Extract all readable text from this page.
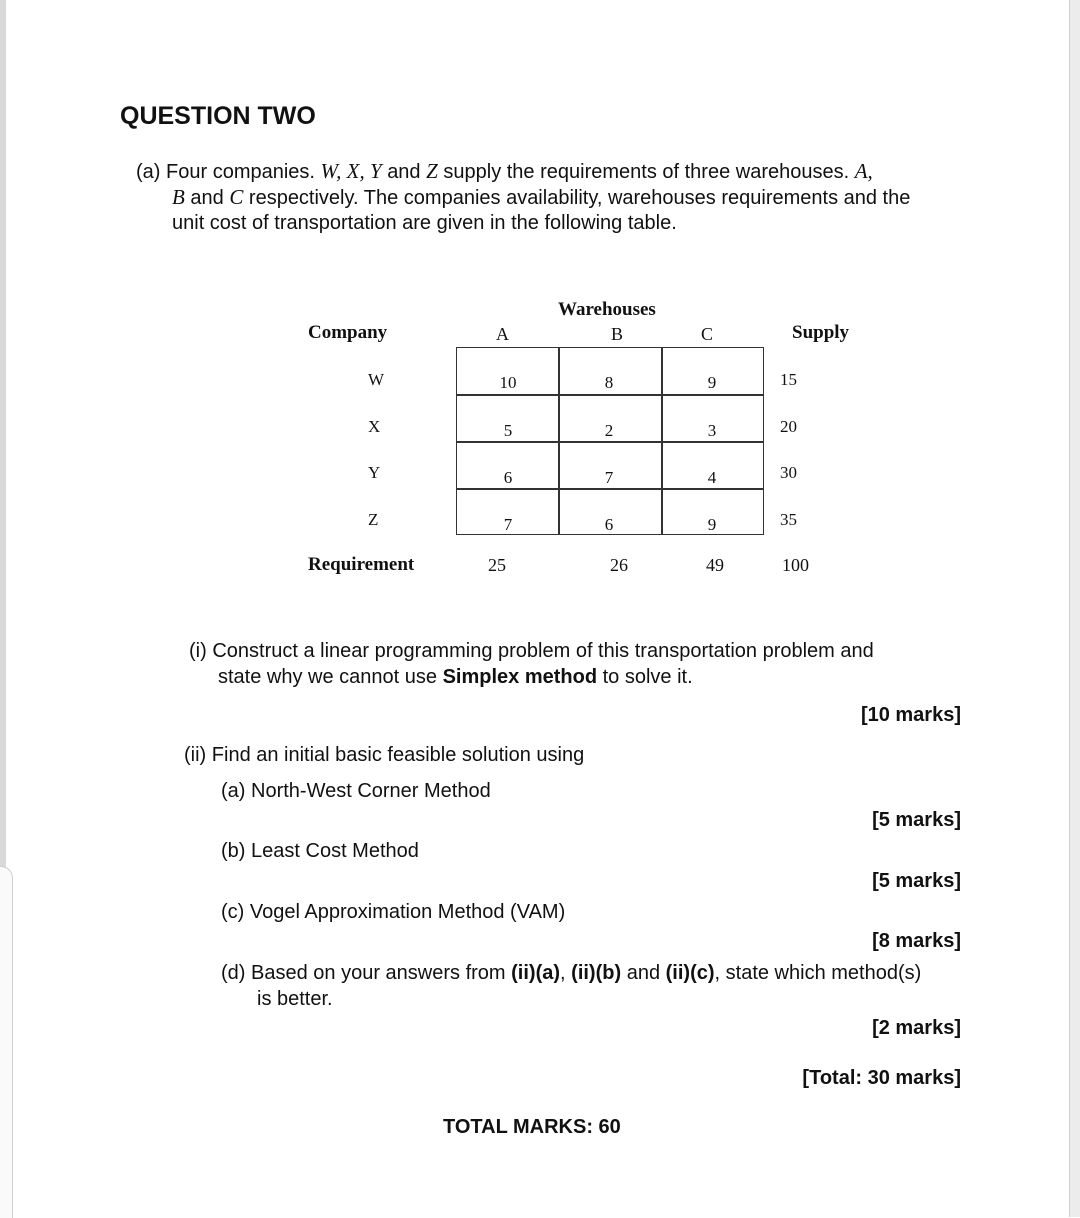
QUESTION TWO
(a) Four companies. W, X, Y and Z supply the requirements of three warehouses. A,
B and C respectively. The companies availability, warehouses requirements and the
unit cost of transportation are given in the following table.
Warehouses
Company	A	B	C	Supply
W	10	8	9	15
X	5	2	3	20
Y	6	7	4	30
Z	7	6	9	35
Requirement	25	26	49	100
(i) Construct a linear programming problem of this transportation problem and
state why we cannot use Simplex method to solve it.
[10 marks]
(ii) Find an initial basic feasible solution using
(a) North-West Corner Method
[5 marks]
(b) Least Cost Method
[5 marks]
(c) Vogel Approximation Method (VAM)
[8 marks]
(d) Based on your answers from (ii)(a), (ii)(b) and (ii)(c), state which method(s)
is better.
[2 marks]
[Total: 30 marks]
TOTAL MARKS: 60
